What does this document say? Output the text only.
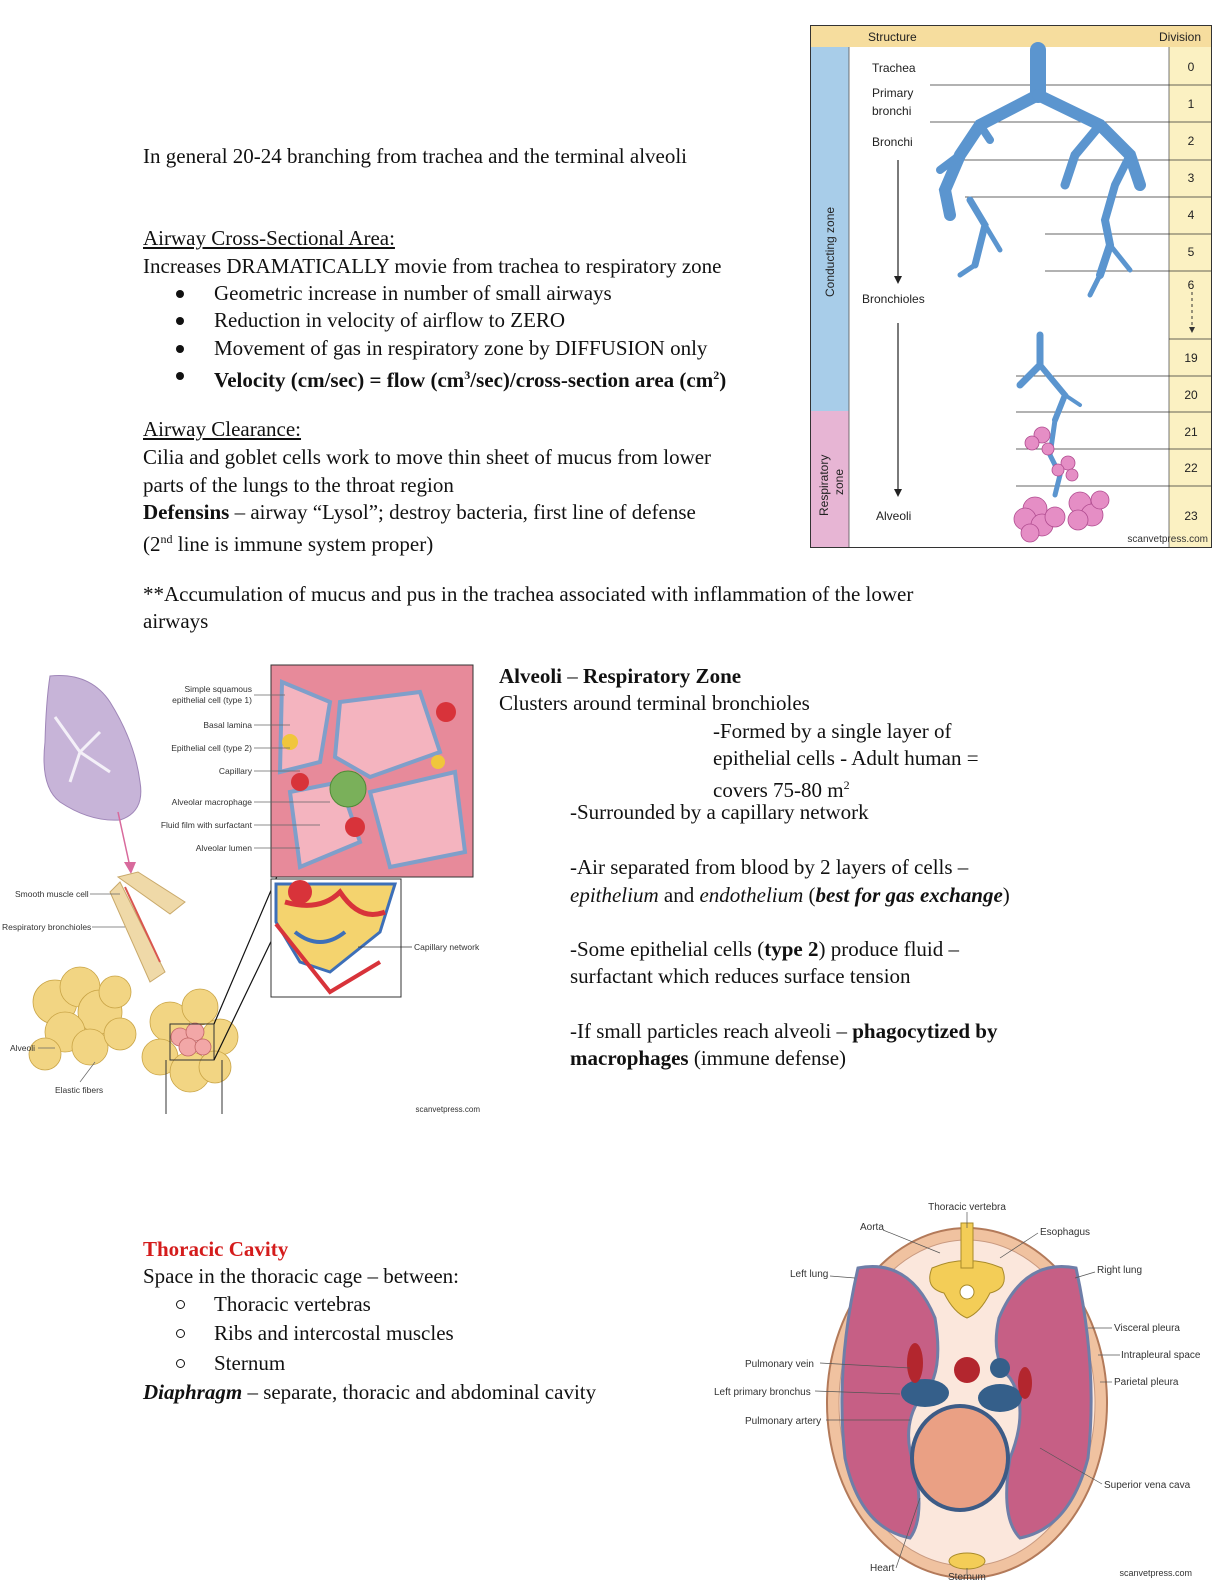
In general 20-24 branching from trachea and the terminal alveoli
Airway Cross-Sectional Area:
Increases DRAMATICALLY movie from trachea to respiratory zone
Geometric increase in number of small airways
Reduction in velocity of airflow to ZERO
Movement of gas in respiratory zone by DIFFUSION only
Velocity (cm/sec) = flow $(cm^3/\sec)/cross$-section area $(cm^2)$
Airway Clearance:
Cilia and goblet cells work to move thin sheet of mucus from lower
parts of the lungs to the throat region
Defensins – airway “Lysol”; destroy bacteria, first line of defense
(2nd line is immune system proper)
**Accumulation of mucus and pus in the trachea associated with inflammation of the lower
airways
Alveoli – Respiratory Zone
Clusters around terminal bronchioles
-Formed by a single layer of
epithelial cells - Adult human =
covers 75-80 $m^2$
-Surrounded by a capillary network
-Air separated from blood by 2 layers of cells –
epithelium and endothelium (best for gas exchange)
-Some epithelial cells (type 2) produce fluid –
surfactant which reduces surface tension
-If small particles reach alveoli – phagocytized by
macrophages (immune defense)
Thoracic Cavity
Space in the thoracic cage – between:
Thoracic vertebras
Ribs and intercostal muscles
Sternum
Diaphragm – separate, thoracic and abdominal cavity
Structure	Division
Trachea
Primary
bronchi
Bronchi
Bronchioles
Alveoli
Conducting zone
Respiratory zone
0
1
2
3
4
5
6
19
20
21
22
23
scanvetpress.com
Simple squamous
epithelial cell (type 1)
Basal lamina
Epithelial cell (type 2)
Capillary
Alveolar macrophage
Fluid film with surfactant
Alveolar lumen
Smooth muscle cell
Respiratory bronchioles
Alveoli
Elastic fibers
Capillary network
scanvetpress.com
Thoracic vertebra
Aorta	Esophagus
Left lung	Right lung
Visceral pleura
Intrapleural space
Parietal pleura
Pulmonary vein
Left primary bronchus
Pulmonary artery
Superior vena cava
Heart
Sternum	scanvetpress.com
